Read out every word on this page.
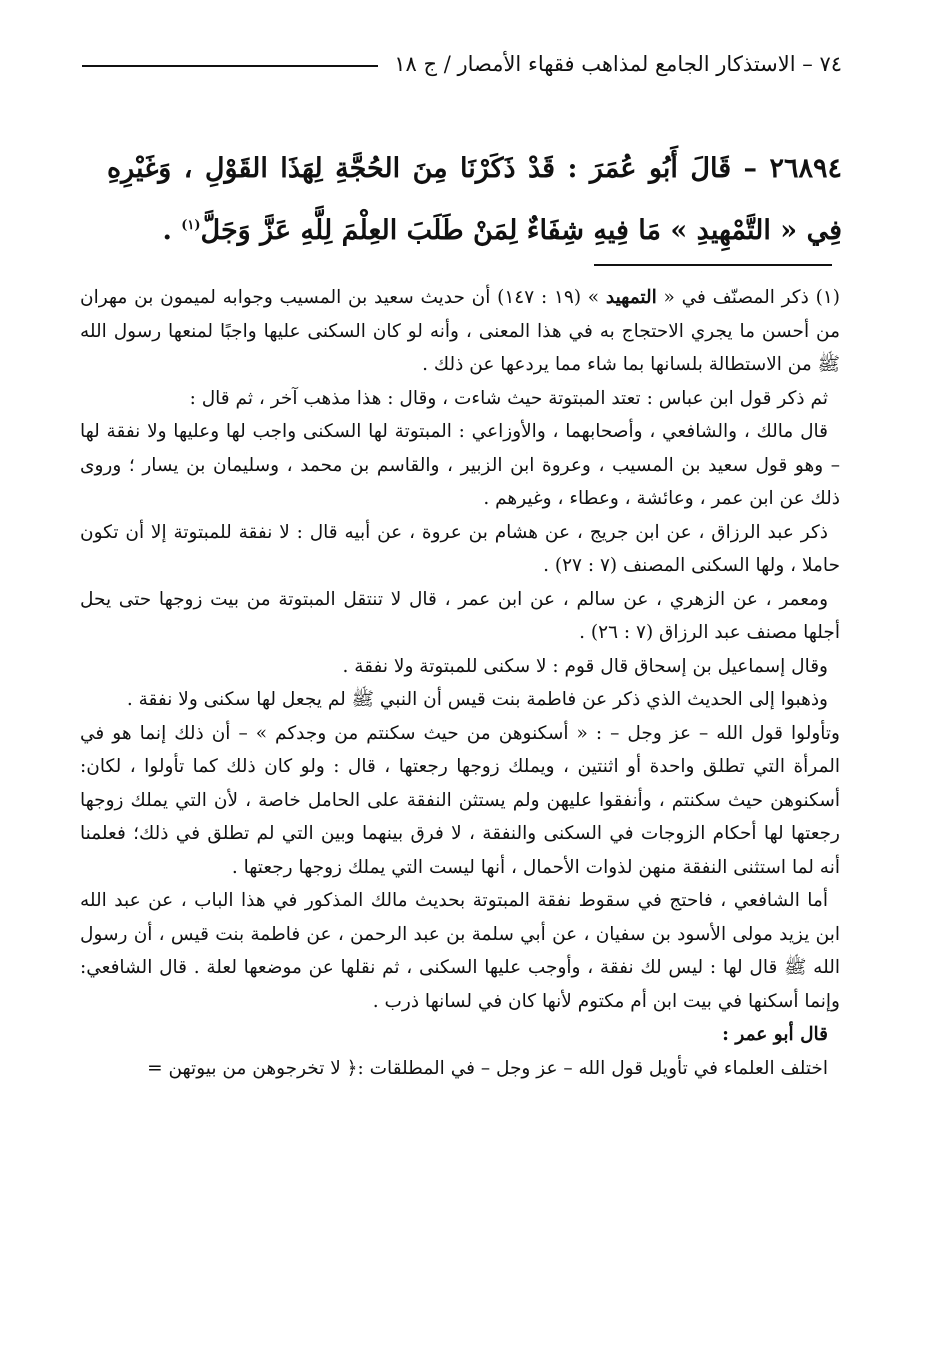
٧٤ – الاستذكار الجامع لمذاهب فقهاء الأمصار / ج ١٨

٢٦٨٩٤ – قَالَ أَبُو عُمَرَ : قَدْ ذَكَرْنَا مِنَ الحُجَّةِ لِهَذَا القَوْلِ ، وَغَيْرِهِ فِي « التَّمْهِيدِ » مَا فِيهِ شِفَاءٌ لِمَنْ طَلَبَ العِلْمَ لِلَّهِ عَزَّ وَجَلَّ$^{(١)}$ .

(١) ذكر المصنّف في « التمهيد » (١٩ : ١٤٧) أن حديث سعيد بن المسيب وجوابه لميمون بن مهران من أحسن ما يجري الاحتجاج به في هذا المعنى ، وأنه لو كان السكنى عليها واجبًا لمنعها رسول الله ﷺ من الاستطالة بلسانها بما شاء مما يردعها عن ذلك .

ثم ذكر قول ابن عباس : تعتد المبتوتة حيث شاءت ، وقال : هذا مذهب آخر ، ثم قال :

قال مالك ، والشافعي ، وأصحابهما ، والأوزاعي : المبتوتة لها السكنى واجب لها وعليها ولا نفقة لها – وهو قول سعيد بن المسيب ، وعروة ابن الزبير ، والقاسم بن محمد ، وسليمان بن يسار ؛ وروى ذلك عن ابن عمر ، وعائشة ، وعطاء ، وغيرهم .

ذكر عبد الرزاق ، عن ابن جريج ، عن هشام بن عروة ، عن أبيه قال : لا نفقة للمبتوتة إلا أن تكون حاملا ، ولها السكنى المصنف (٧ : ٢٧) .

ومعمر ، عن الزهري ، عن سالم ، عن ابن عمر ، قال لا تنتقل المبتوتة من بيت زوجها حتى يحل أجلها مصنف عبد الرزاق (٧ : ٢٦) .

وقال إسماعيل بن إسحاق قال قوم : لا سكنى للمبتوتة ولا نفقة .

وذهبوا إلى الحديث الذي ذكر عن فاطمة بنت قيس أن النبي ﷺ لم يجعل لها سكنى ولا نفقة .

وتأولوا قول الله – عز وجل – : « أسكنوهن من حيث سكنتم من وجدكم » – أن ذلك إنما هو في المرأة التي تطلق واحدة أو اثنتين ، ويملك زوجها رجعتها ، قال : ولو كان ذلك كما تأولوا ، لكان: أسكنوهن حيث سكنتم ، وأنفقوا عليهن ولم يستثن النفقة على الحامل خاصة ، لأن التي يملك زوجها رجعتها لها أحكام الزوجات في السكنى والنفقة ، لا فرق بينهما وبين التي لم تطلق في ذلك؛ فعلمنا أنه لما استثنى النفقة منهن لذوات الأحمال ، أنها ليست التي يملك زوجها رجعتها .

أما الشافعي ، فاحتج في سقوط نفقة المبتوتة بحديث مالك المذكور في هذا الباب ، عن عبد الله ابن يزيد مولى الأسود بن سفيان ، عن أبي سلمة بن عبد الرحمن ، عن فاطمة بنت قيس ، أن رسول الله ﷺ قال لها : ليس لك نفقة ، وأوجب عليها السكنى ، ثم نقلها عن موضعها لعلة . قال الشافعي: وإنما أسكنها في بيت ابن أم مكتوم لأنها كان في لسانها ذرب .

قال أبو عمر :

اختلف العلماء في تأويل قول الله – عز وجل – في المطلقات :﴿ لا تخرجوهن من بيوتهن =
